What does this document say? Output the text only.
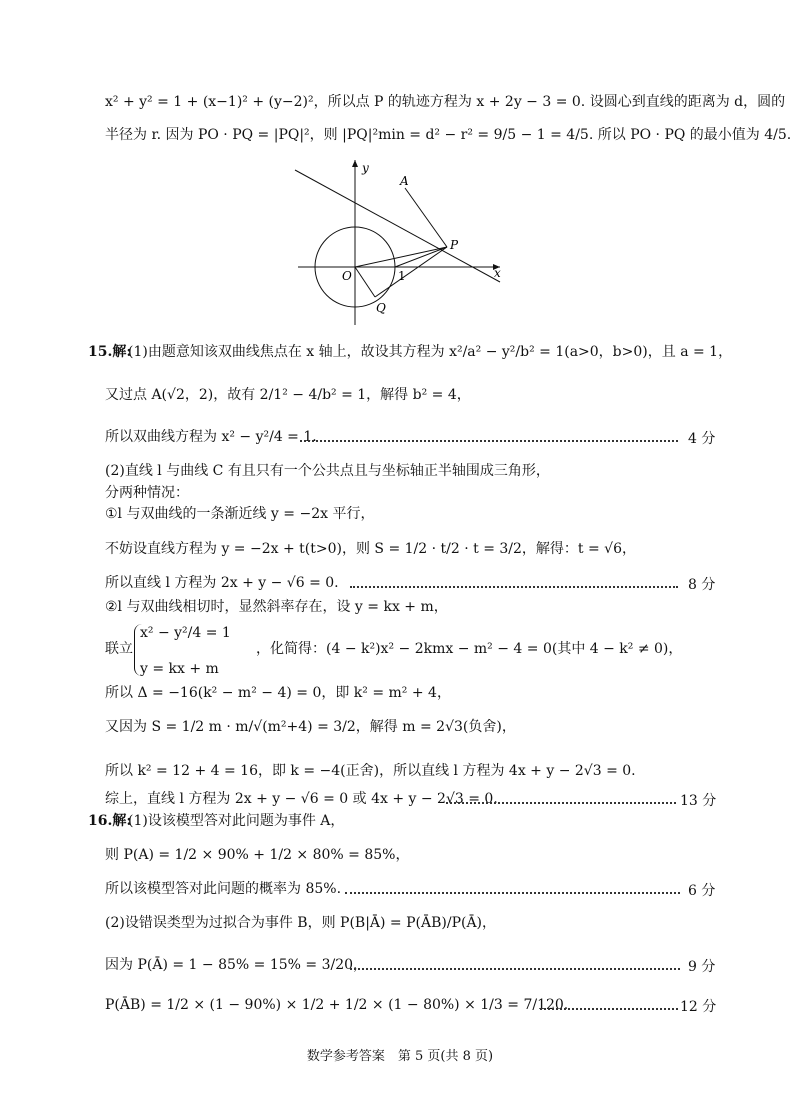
x² + y² = 1 + (x−1)² + (y−2)²，所以点 P 的轨迹方程为 x + 2y − 3 = 0. 设圆心到直线的距离为 d，圆的
半径为 r. 因为 PO · PQ = |PQ|²，则 |PQ|²min = d² − r² = 9/5 − 1 = 4/5. 所以 PO · PQ 的最小值为 4/5.
y
x
A
P
O	1
Q
15.解:
(1)由题意知该双曲线焦点在 x 轴上，故设其方程为 x²/a² − y²/b² = 1(a>0，b>0)，且 a = 1，
又过点 A(√2，2)，故有 2/1² − 4/b² = 1，解得 b² = 4，
所以双曲线方程为 x² − y²/4 = 1.	4 分
(2)直线 l 与曲线 C 有且只有一个公共点且与坐标轴正半轴围成三角形，
分两种情况：
①l 与双曲线的一条渐近线 y = −2x 平行，
不妨设直线方程为 y = −2x + t(t>0)，则 S = 1/2 · t/2 · t = 3/2，解得：t = √6，
所以直线 l 方程为 2x + y − √6 = 0.	8 分
②l 与双曲线相切时，显然斜率存在，设 y = kx + m，
联立
x² − y²/4 = 1
y = kx + m
，化简得：(4 − k²)x² − 2kmx − m² − 4 = 0(其中 4 − k² ≠ 0)，
所以 Δ = −16(k² − m² − 4) = 0，即 k² = m² + 4，
又因为 S = 1/2 m · m/√(m²+4) = 3/2，解得 m = 2√3(负舍)，
所以 k² = 12 + 4 = 16，即 k = −4(正舍)，所以直线 l 方程为 4x + y − 2√3 = 0.
综上，直线 l 方程为 2x + y − √6 = 0 或 4x + y − 2√3 = 0.	13 分
16.解:
(1)设该模型答对此问题为事件 A，
则 P(A) = 1/2 × 90% + 1/2 × 80% = 85%，
所以该模型答对此问题的概率为 85%.	6 分
(2)设错误类型为过拟合为事件 B，则 P(B|Ā) = P(ĀB)/P(Ā)，
因为 P(Ā) = 1 − 85% = 15% = 3/20，	9 分
P(ĀB) = 1/2 × (1 − 90%) × 1/2 + 1/2 × (1 − 80%) × 1/3 = 7/120.	12 分
数学参考答案　第 5 页(共 8 页)
